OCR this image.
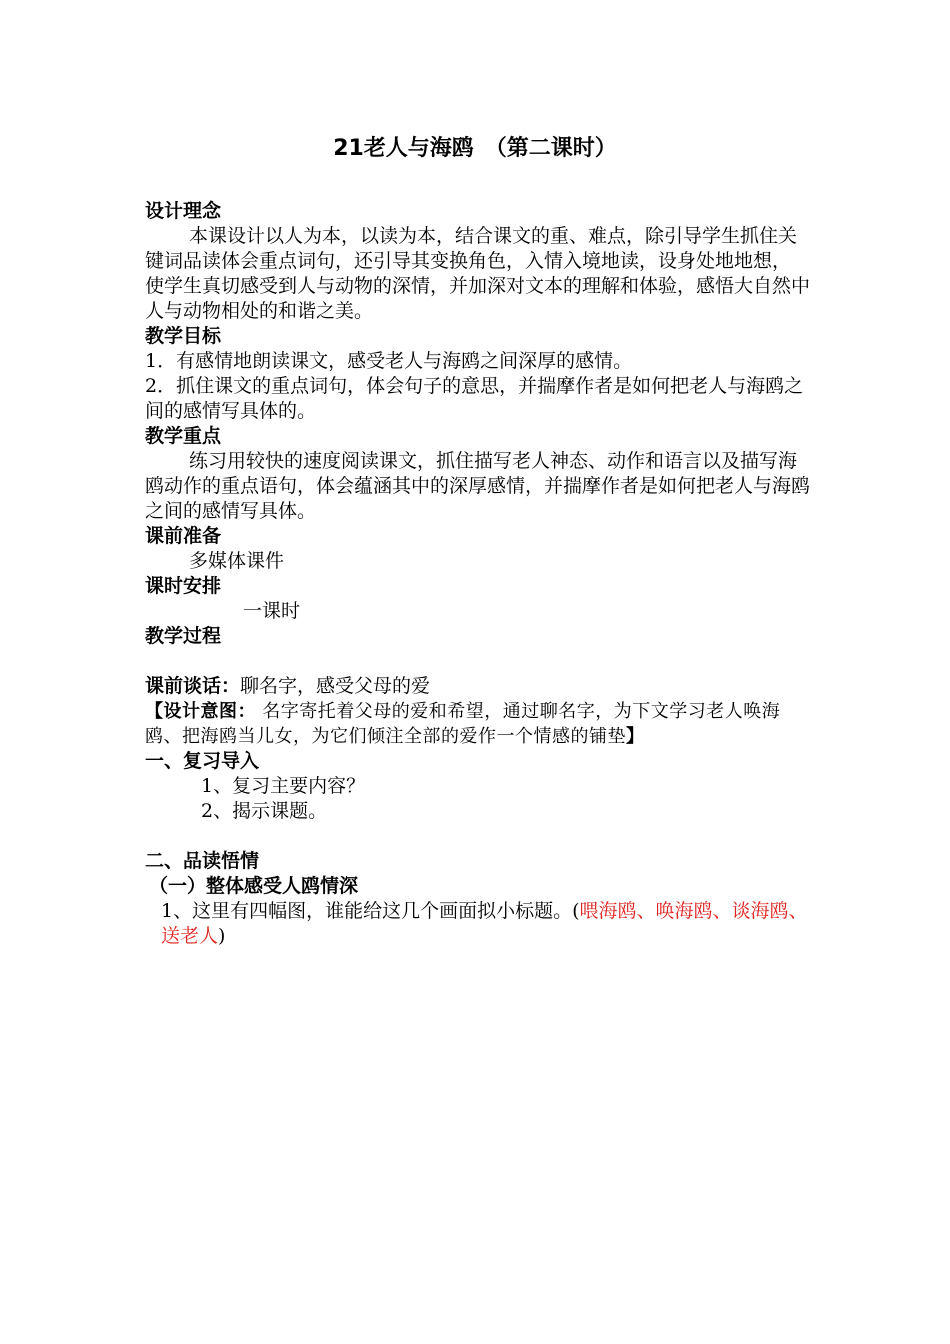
21老人与海鸥　（第二课时）
设计理念

本课设计以人为本，以读为本，结合课文的重、难点，除引导学生抓住关键词品读体会重点词句，还引导其变换角色，入情入境地读，设身处地地想， 使学生真切感受到人与动物的深情，并加深对文本的理解和体验，感悟大自然中人与动物相处的和谐之美。

教学目标

1．有感情地朗读课文，感受老人与海鸥之间深厚的感情。

2．抓住课文的重点词句，体会句子的意思，并揣摩作者是如何把老人与海鸥之间的感情写具体的。

教学重点

练习用较快的速度阅读课文，抓住描写老人神态、动作和语言以及描写海鸥动作的重点语句，体会蕴涵其中的深厚感情，并揣摩作者是如何把老人与海鸥之间的感情写具体。

课前准备

多媒体课件

课时安排

一课时

教学过程

课前谈话：聊名字，感受父母的爱

【设计意图： 名字寄托着父母的爱和希望，通过聊名字，为下文学习老人唤海鸥、把海鸥当儿女，为它们倾注全部的爱作一个情感的铺垫】

一、复习导入

1、复习主要内容？

2、揭示课题。

二、品读悟情
（一）整体感受人鸥情深

1、这里有四幅图，谁能给这几个画面拟小标题。(喂海鸥、唤海鸥、谈海鸥、送老人)
